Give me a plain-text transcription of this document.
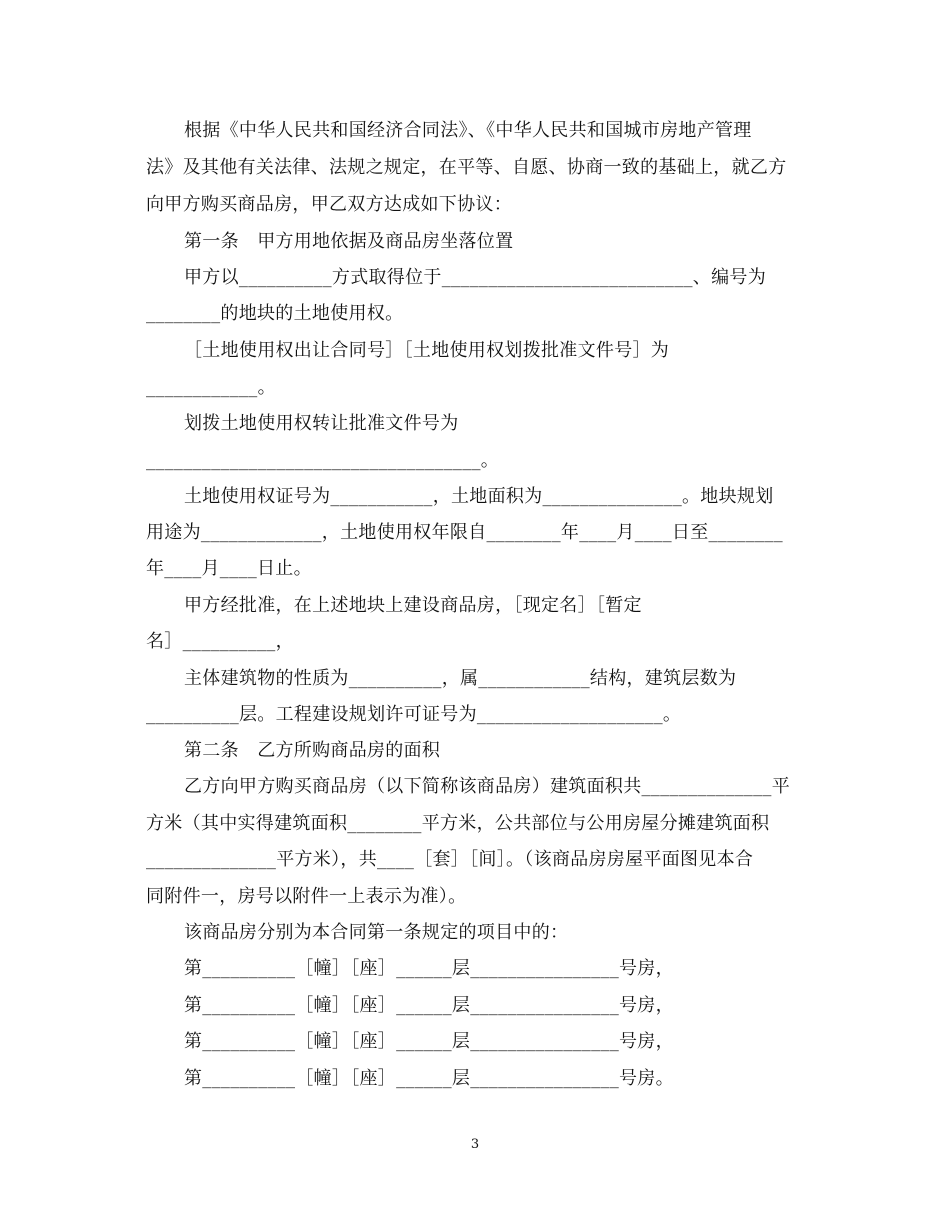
根据《中华人民共和国经济合同法》、《中华人民共和国城市房地产管理
法》及其他有关法律、法规之规定，在平等、自愿、协商一致的基础上，就乙方
向甲方购买商品房，甲乙双方达成如下协议：
第一条　甲方用地依据及商品房坐落位置
甲方以__________方式取得位于___________________________、编号为
________的地块的土地使用权。
［土地使用权出让合同号］［土地使用权划拨批准文件号］为
____________。
划拨土地使用权转让批准文件号为
____________________________________。
土地使用权证号为___________，土地面积为_______________。地块规划
用途为_____________，土地使用权年限自________年____月____日至________
年____月____日止。
甲方经批准，在上述地块上建设商品房，［现定名］［暂定
名］__________，
主体建筑物的性质为__________，属____________结构，建筑层数为
__________层。工程建设规划许可证号为____________________。
第二条　乙方所购商品房的面积
乙方向甲方购买商品房（以下简称该商品房）建筑面积共______________平
方米（其中实得建筑面积________平方米，公共部位与公用房屋分摊建筑面积
______________平方米），共____［套］［间］。（该商品房房屋平面图见本合
同附件一，房号以附件一上表示为准）。
该商品房分别为本合同第一条规定的项目中的：
第__________［幢］［座］______层________________号房，
第__________［幢］［座］______层________________号房，
第__________［幢］［座］______层________________号房，
第__________［幢］［座］______层________________号房。
3
